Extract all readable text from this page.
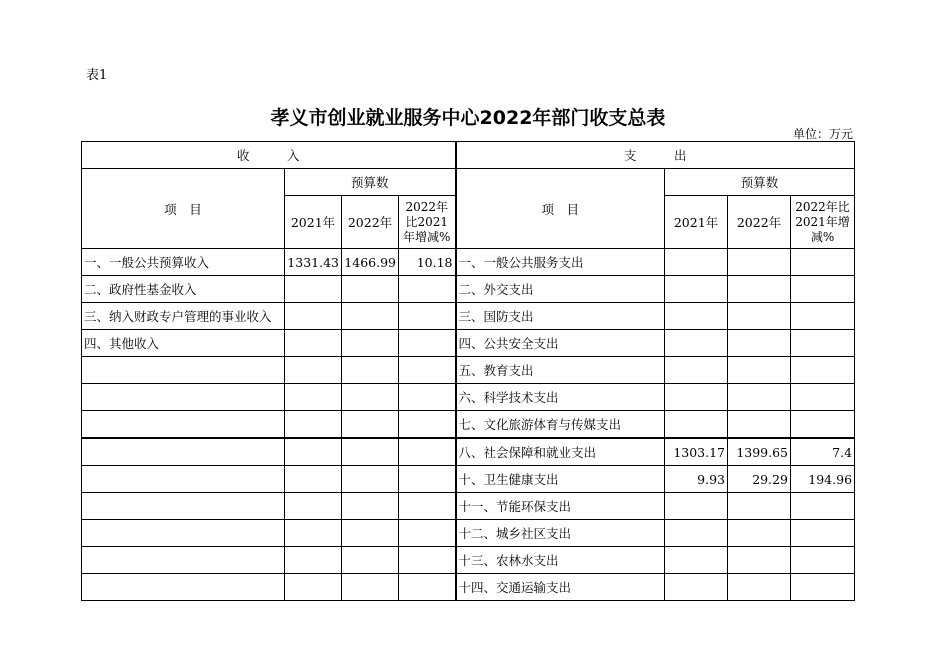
表1
孝义市创业就业服务中心2022年部门收支总表
单位：万元
收　　　入				支　　　出			
项　目	预算数			项　目	预算数		
	2021年	2022年	2022年比2021年增减%		2021年	2022年	2022年比2021年增减%
一、一般公共预算收入	1331.43	1466.99	10.18	一、一般公共服务支出			
二、政府性基金收入				二、外交支出			
三、纳入财政专户管理的事业收入				三、国防支出			
四、其他收入				四、公共安全支出			
				五、教育支出			
				六、科学技术支出			
				七、文化旅游体育与传媒支出			
				八、社会保障和就业支出	1303.17	1399.65	7.4
				十、卫生健康支出	9.93	29.29	194.96
				十一、节能环保支出			
				十二、城乡社区支出			
				十三、农林水支出			
				十四、交通运输支出			
